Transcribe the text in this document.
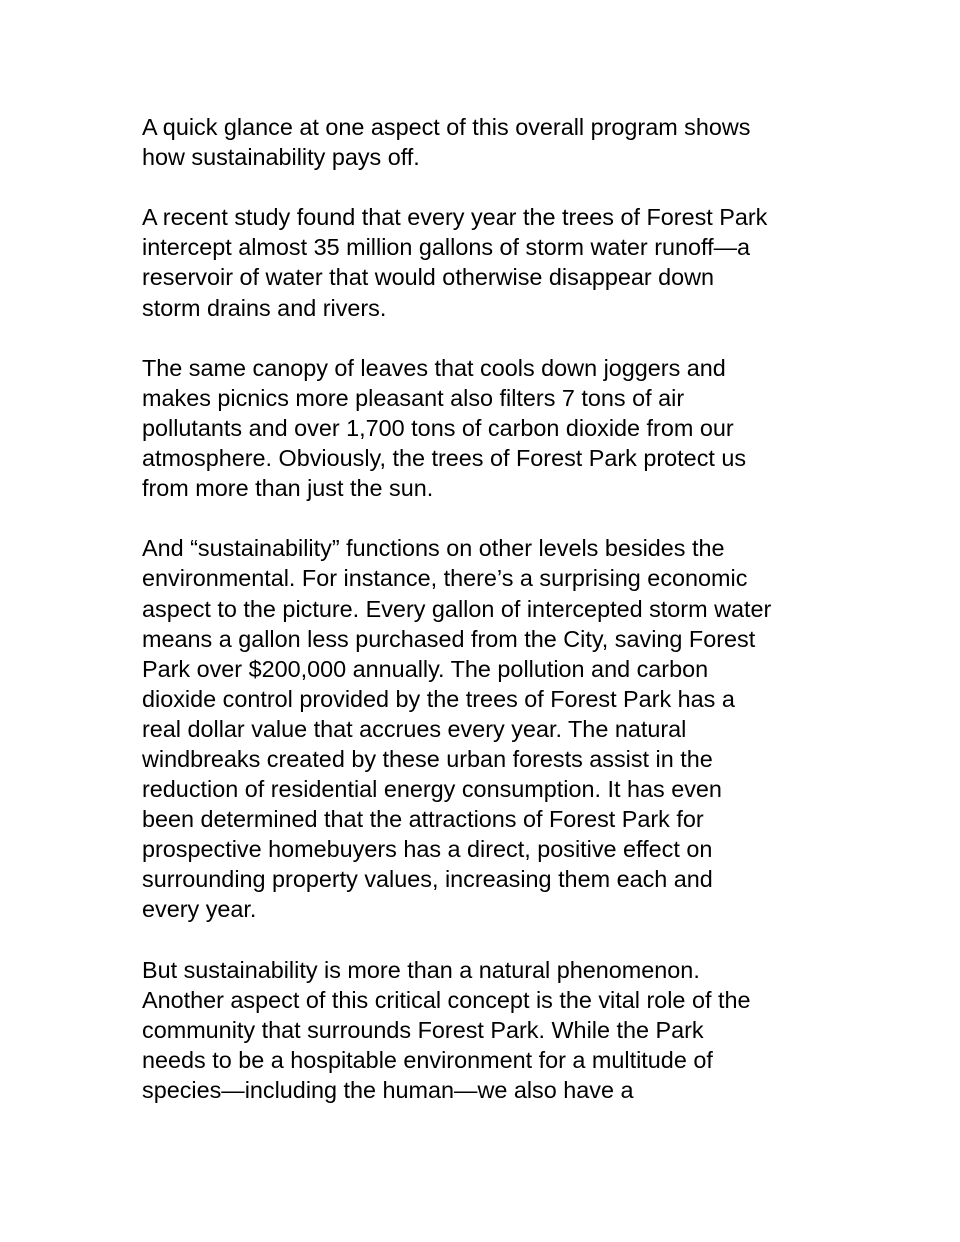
A quick glance at one aspect of this overall program shows
how sustainability pays off.

A recent study found that every year the trees of Forest Park
intercept almost 35 million gallons of storm water runoff—a
reservoir of water that would otherwise disappear down
storm drains and rivers.

The same canopy of leaves that cools down joggers and
makes picnics more pleasant also filters 7 tons of air
pollutants and over 1,700 tons of carbon dioxide from our
atmosphere. Obviously, the trees of Forest Park protect us
from more than just the sun.

And “sustainability” functions on other levels besides the
environmental. For instance, there’s a surprising economic
aspect to the picture. Every gallon of intercepted storm water
means a gallon less purchased from the City, saving Forest
Park over $200,000 annually. The pollution and carbon
dioxide control provided by the trees of Forest Park has a
real dollar value that accrues every year. The natural
windbreaks created by these urban forests assist in the
reduction of residential energy consumption. It has even
been determined that the attractions of Forest Park for
prospective homebuyers has a direct, positive effect on
surrounding property values, increasing them each and
every year.

But sustainability is more than a natural phenomenon.
Another aspect of this critical concept is the vital role of the
community that surrounds Forest Park. While the Park
needs to be a hospitable environment for a multitude of
species—including the human—we also have a
